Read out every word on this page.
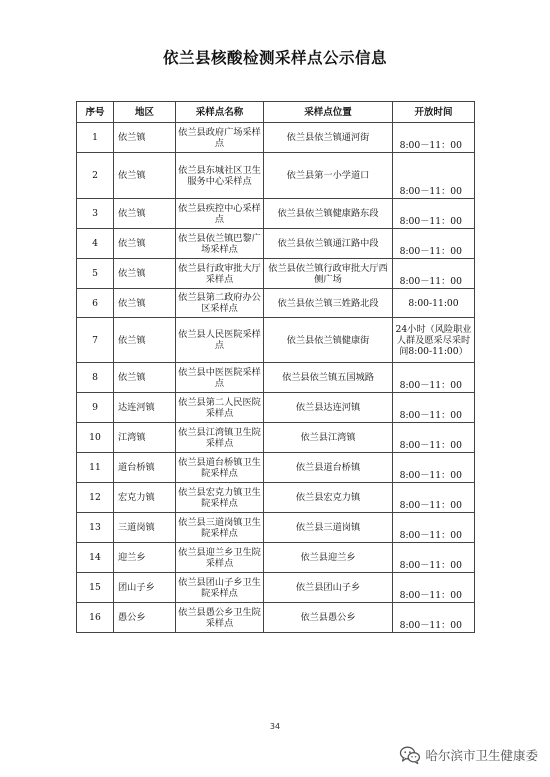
依兰县核酸检测采样点公示信息
序号	地区	采样点名称	采样点位置	开放时间
1	依兰镇	依兰县政府广场采样点	依兰县依兰镇通河街	8:00－11：00
2	依兰镇	依兰县东城社区卫生服务中心采样点	依兰县第一小学道口	8:00－11：00
3	依兰镇	依兰县疾控中心采样点	依兰县依兰镇健康路东段	8:00－11：00
4	依兰镇	依兰县依兰镇巴黎广场采样点	依兰县依兰镇通江路中段	8:00－11：00
5	依兰镇	依兰县行政审批大厅采样点	依兰县依兰镇行政审批大厅西侧广场	8:00－11：00
6	依兰镇	依兰县第二政府办公区采样点	依兰县依兰镇三姓路北段	8:00-11:00
7	依兰镇	依兰县人民医院采样点	依兰县依兰镇健康街	24小时（风险职业人群及愿采尽采时间8:00-11:00）
8	依兰镇	依兰县中医医院采样点	依兰县依兰镇五国城路	8:00－11：00
9	达连河镇	依兰县第二人民医院采样点	依兰县达连河镇	8:00－11：00
10	江湾镇	依兰县江湾镇卫生院采样点	依兰县江湾镇	8:00－11：00
11	道台桥镇	依兰县道台桥镇卫生院采样点	依兰县道台桥镇	8:00－11：00
12	宏克力镇	依兰县宏克力镇卫生院采样点	依兰县宏克力镇	8:00－11：00
13	三道岗镇	依兰县三道岗镇卫生院采样点	依兰县三道岗镇	8:00－11：00
14	迎兰乡	依兰县迎兰乡卫生院采样点	依兰县迎兰乡	8:00－11：00
15	团山子乡	依兰县团山子乡卫生院采样点	依兰县团山子乡	8:00－11：00
16	愚公乡	依兰县愚公乡卫生院采样点	依兰县愚公乡	8:00－11：00
34
哈尔滨市卫生健康委
